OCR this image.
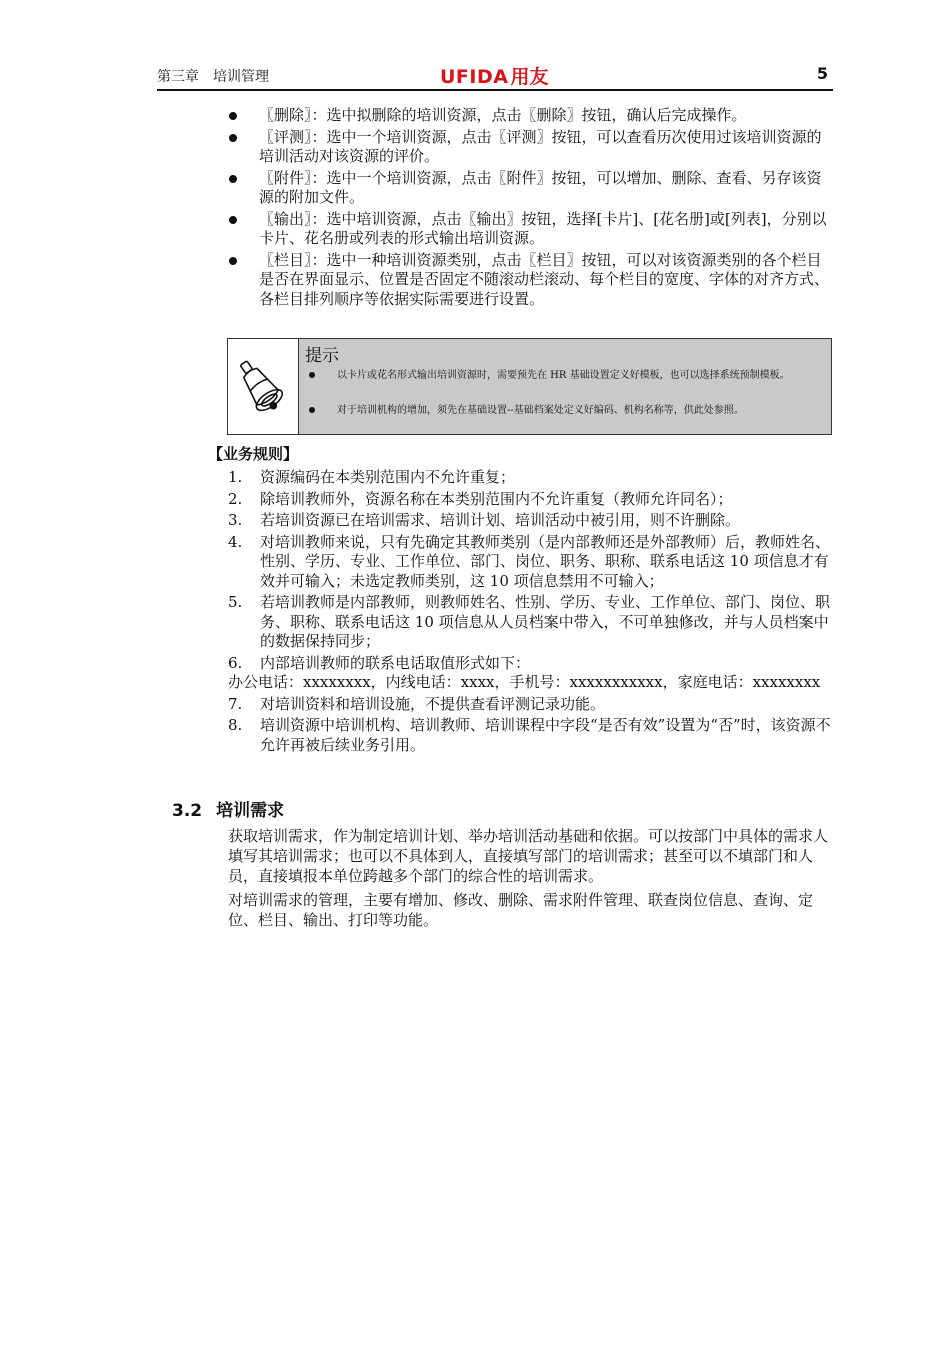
第三章　培训管理	UFIDA 用友	5
〖删除〗：选中拟删除的培训资源，点击〖删除〗按钮，确认后完成操作。
〖评测〗：选中一个培训资源，点击〖评测〗按钮，可以查看历次使用过该培训资源的培训活动对该资源的评价。
〖附件〗：选中一个培训资源，点击〖附件〗按钮，可以增加、删除、查看、另存该资源的附加文件。
〖输出〗：选中培训资源，点击〖输出〗按钮，选择[卡片]、[花名册]或[列表]，分别以卡片、花名册或列表的形式输出培训资源。
〖栏目〗：选中一种培训资源类别，点击〖栏目〗按钮，可以对该资源类别的各个栏目是否在界面显示、位置是否固定不随滚动栏滚动、每个栏目的宽度、字体的对齐方式、各栏目排列顺序等依据实际需要进行设置。
提示
以卡片或花名形式输出培训资源时，需要预先在 HR 基础设置定义好模板，也可以选择系统预制模板。
对于培训机构的增加，须先在基础设置--基础档案处定义好编码、机构名称等，供此处参照。
【业务规则】
1. 资源编码在本类别范围内不允许重复；
2. 除培训教师外，资源名称在本类别范围内不允许重复（教师允许同名）；
3. 若培训资源已在培训需求、培训计划、培训活动中被引用，则不许删除。
4. 对培训教师来说，只有先确定其教师类别（是内部教师还是外部教师）后，教师姓名、性别、学历、专业、工作单位、部门、岗位、职务、职称、联系电话这 10 项信息才有效并可输入；未选定教师类别，这 10 项信息禁用不可输入；
5. 若培训教师是内部教师，则教师姓名、性别、学历、专业、工作单位、部门、岗位、职务、职称、联系电话这 10 项信息从人员档案中带入，不可单独修改，并与人员档案中的数据保持同步；
6. 内部培训教师的联系电话取值形式如下：
办公电话：xxxxxxxx，内线电话：xxxx，手机号：xxxxxxxxxxx，家庭电话：xxxxxxxx
7. 对培训资料和培训设施，不提供查看评测记录功能。
8. 培训资源中培训机构、培训教师、培训课程中字段“是否有效”设置为“否”时，该资源不允许再被后续业务引用。
3.2 培训需求

获取培训需求，作为制定培训计划、举办培训活动基础和依据。可以按部门中具体的需求人填写其培训需求；也可以不具体到人，直接填写部门的培训需求；甚至可以不填部门和人员，直接填报本单位跨越多个部门的综合性的培训需求。

对培训需求的管理，主要有增加、修改、删除、需求附件管理、联查岗位信息、查询、定位、栏目、输出、打印等功能。
